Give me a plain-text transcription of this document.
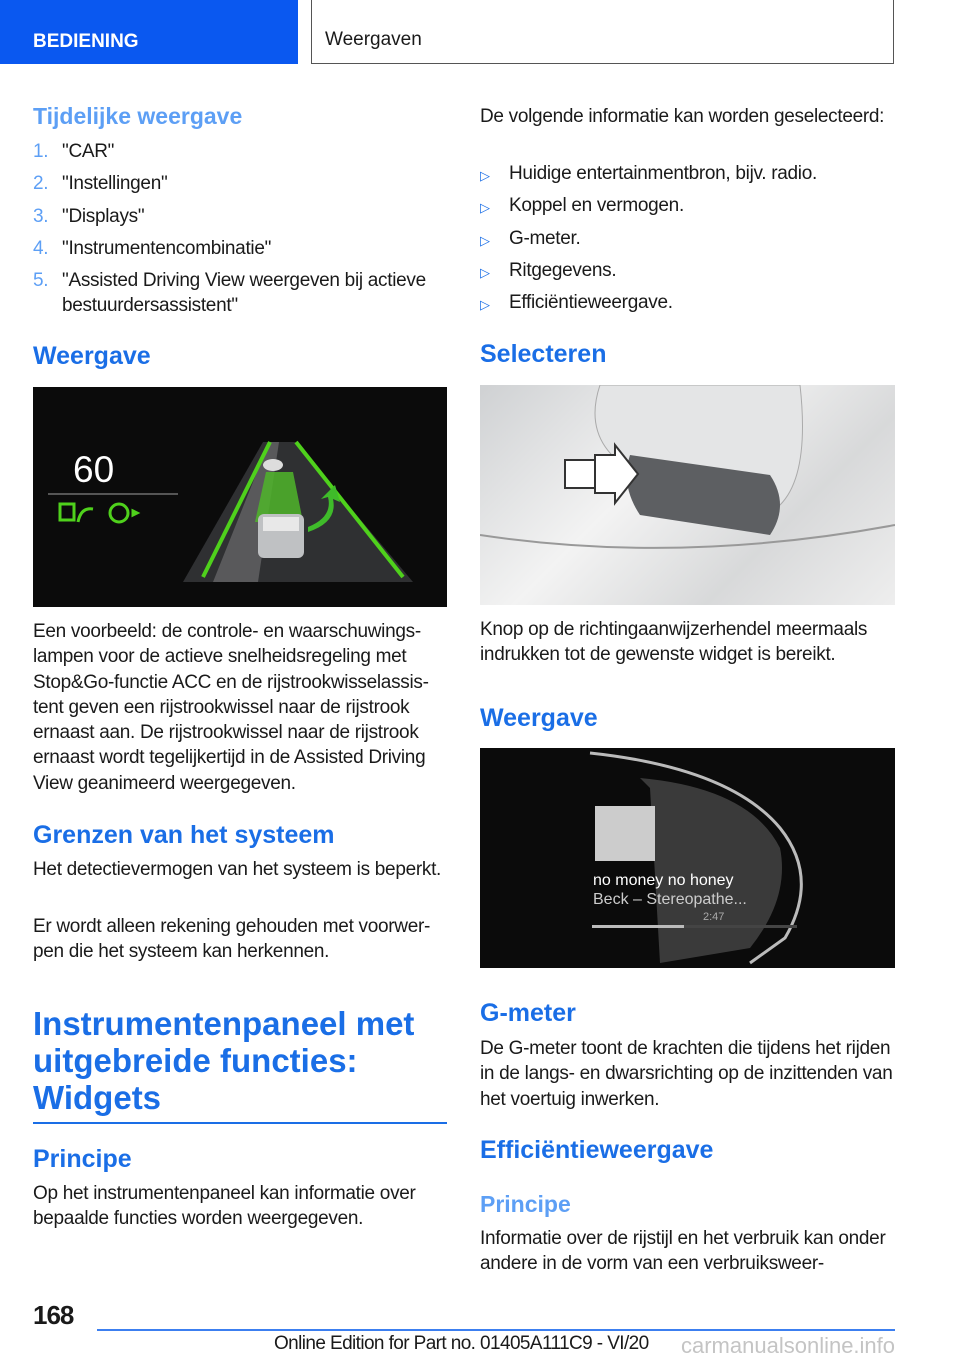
BEDIENING	Weergaven
Tijdelijke weergave
1. "CAR"
2. "Instellingen"
3. "Displays"
4. "Instrumentencombinatie"
5. "Assisted Driving View weergeven bij actieve bestuurdersassistent"
Weergave
60
Een voorbeeld: de controle- en waarschuwingslampen voor de actieve snelheidsregeling met Stop&Go-functie ACC en de rijstrookwisselassistent geven een rijstrookwissel naar de rijstrook ernaast aan. De rijstrookwissel naar de rijstrook ernaast wordt tegelijkertijd in de Assisted Driving View geanimeerd weergegeven.
Grenzen van het systeem
Het detectievermogen van het systeem is beperkt.
Er wordt alleen rekening gehouden met voorwerpen die het systeem kan herkennen.
Instrumentenpaneel met uitgebreide functies: Widgets
Principe
Op het instrumentenpaneel kan informatie over bepaalde functies worden weergegeven.
De volgende informatie kan worden geselecteerd:
▷ Huidige entertainmentbron, bijv. radio.
▷ Koppel en vermogen.
▷ G-meter.
▷ Ritgegevens.
▷ Efficiëntieweergave.
Selecteren
Knop op de richtingaanwijzerhendel meermaals indrukken tot de gewenste widget is bereikt.
Weergave
no money no honey
Beck – Stereopathe...
2:47
G-meter
De G-meter toont de krachten die tijdens het rijden in de langs- en dwarsrichting op de inzittenden van het voertuig inwerken.
Efficiëntieweergave
Principe
Informatie over de rijstijl en het verbruik kan onder andere in de vorm van een verbruiksweer-
168
Online Edition for Part no. 01405A111C9 - VI/20 carmanualsonline.info
